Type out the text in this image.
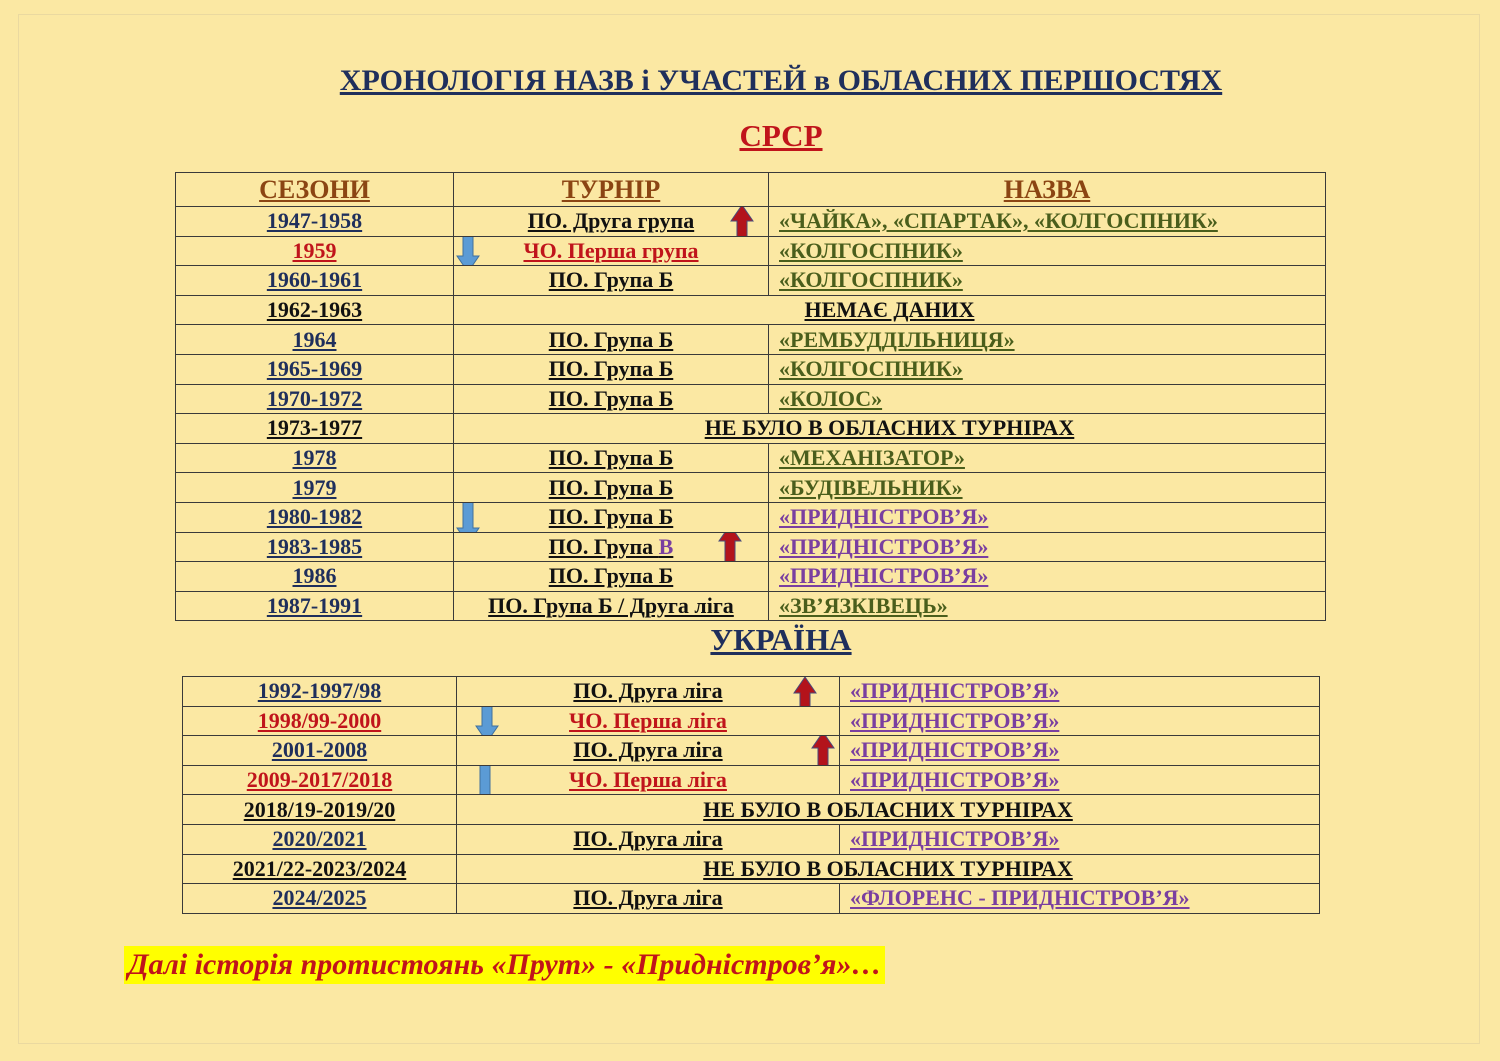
ХРОНОЛОГІЯ НАЗВ і УЧАСТЕЙ в ОБЛАСНИХ ПЕРШОСТЯХ
СРСР
СЕЗОНИ	ТУРНІР	НАЗВА
1947-1958	ПО. Друга група	«ЧАЙКА», «СПАРТАК», «КОЛГОСПНИК»
1959	ЧО. Перша група	«КОЛГОСПНИК»
1960-1961	ПО. Група Б	«КОЛГОСПНИК»
1962-1963	НЕМАЄ ДАНИХ	
1964	ПО. Група Б	«РЕМБУДДІЛЬНИЦЯ»
1965-1969	ПО. Група Б	«КОЛГОСПНИК»
1970-1972	ПО. Група Б	«КОЛОС»
1973-1977	НЕ БУЛО В ОБЛАСНИХ ТУРНІРАХ	
1978	ПО. Група Б	«МЕХАНІЗАТОР»
1979	ПО. Група Б	«БУДІВЕЛЬНИК»
1980-1982	ПО. Група Б	«ПРИДНІСТРОВ’Я»
1983-1985	ПО. Група В	«ПРИДНІСТРОВ’Я»
1986	ПО. Група Б	«ПРИДНІСТРОВ’Я»
1987-1991	ПО. Група Б / Друга ліга	«ЗВ’ЯЗКІВЕЦЬ»
УКРАЇНА
1992-1997/98	ПО. Друга ліга	«ПРИДНІСТРОВ’Я»
1998/99-2000	ЧО. Перша ліга	«ПРИДНІСТРОВ’Я»
2001-2008	ПО. Друга ліга	«ПРИДНІСТРОВ’Я»
2009-2017/2018	ЧО. Перша ліга	«ПРИДНІСТРОВ’Я»
2018/19-2019/20	НЕ БУЛО В ОБЛАСНИХ ТУРНІРАХ	
2020/2021	ПО. Друга ліга	«ПРИДНІСТРОВ’Я»
2021/22-2023/2024	НЕ БУЛО В ОБЛАСНИХ ТУРНІРАХ	
2024/2025	ПО. Друга ліга	«ФЛОРЕНС - ПРИДНІСТРОВ’Я»
Далі історія протистоянь «Прут» - «Придністров’я»…
